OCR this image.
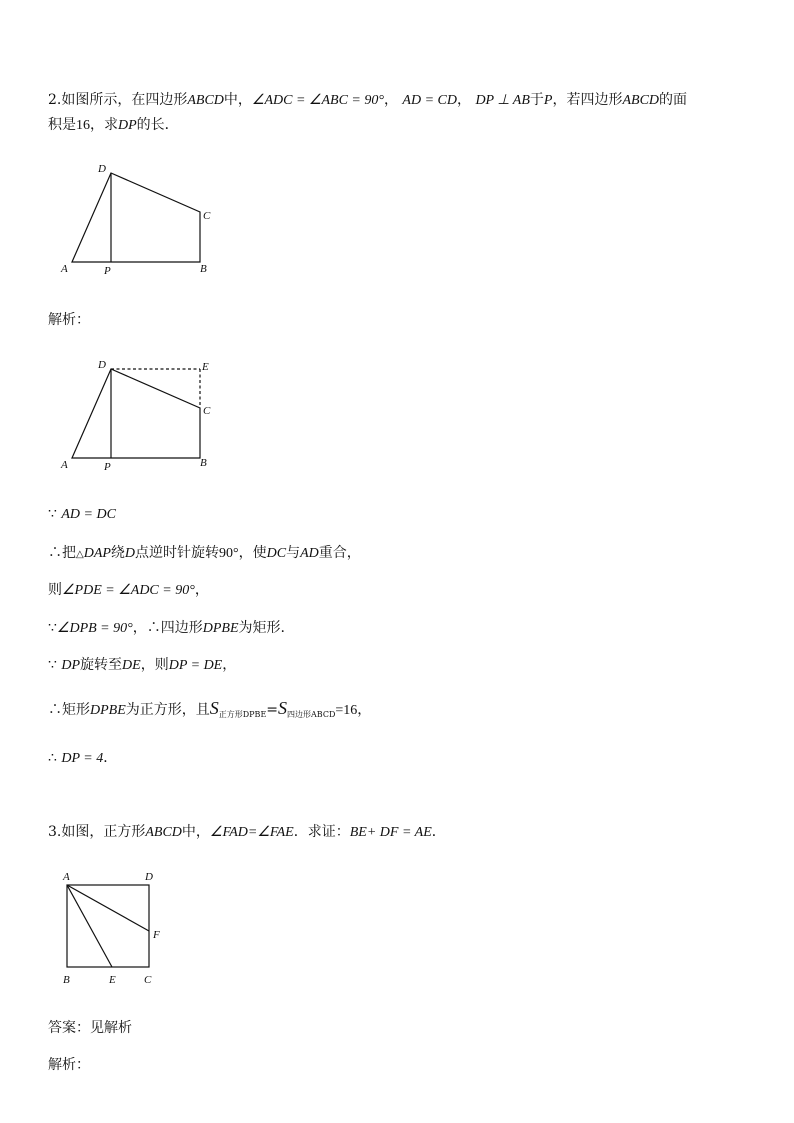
2.如图所示，在四边形ABCD中，∠ADC = ∠ABC = 90°， AD = CD， DP ⊥ AB于P，若四边形ABCD的面
积是16，求DP的长．
D
C
A	P	B
解析：
D	E
C
A	P	B
∵ AD = DC
∴把△DAP绕D点逆时针旋转90°，使DC与AD重合，
则∠PDE = ∠ADC = 90°，
∵∠DPB = 90°，∴四边形DPBE为矩形.
∵ DP旋转至DE，则DP = DE，
∴矩形DPBE为正方形，且$S_{正方形DPBE}=S_{四边形ABCD}=16$，
∴ DP = 4．
3.如图，正方形ABCD中，∠FAD=∠FAE．求证：BE+ DF = AE．
A	D
F
B	E	C
答案：见解析
解析：
